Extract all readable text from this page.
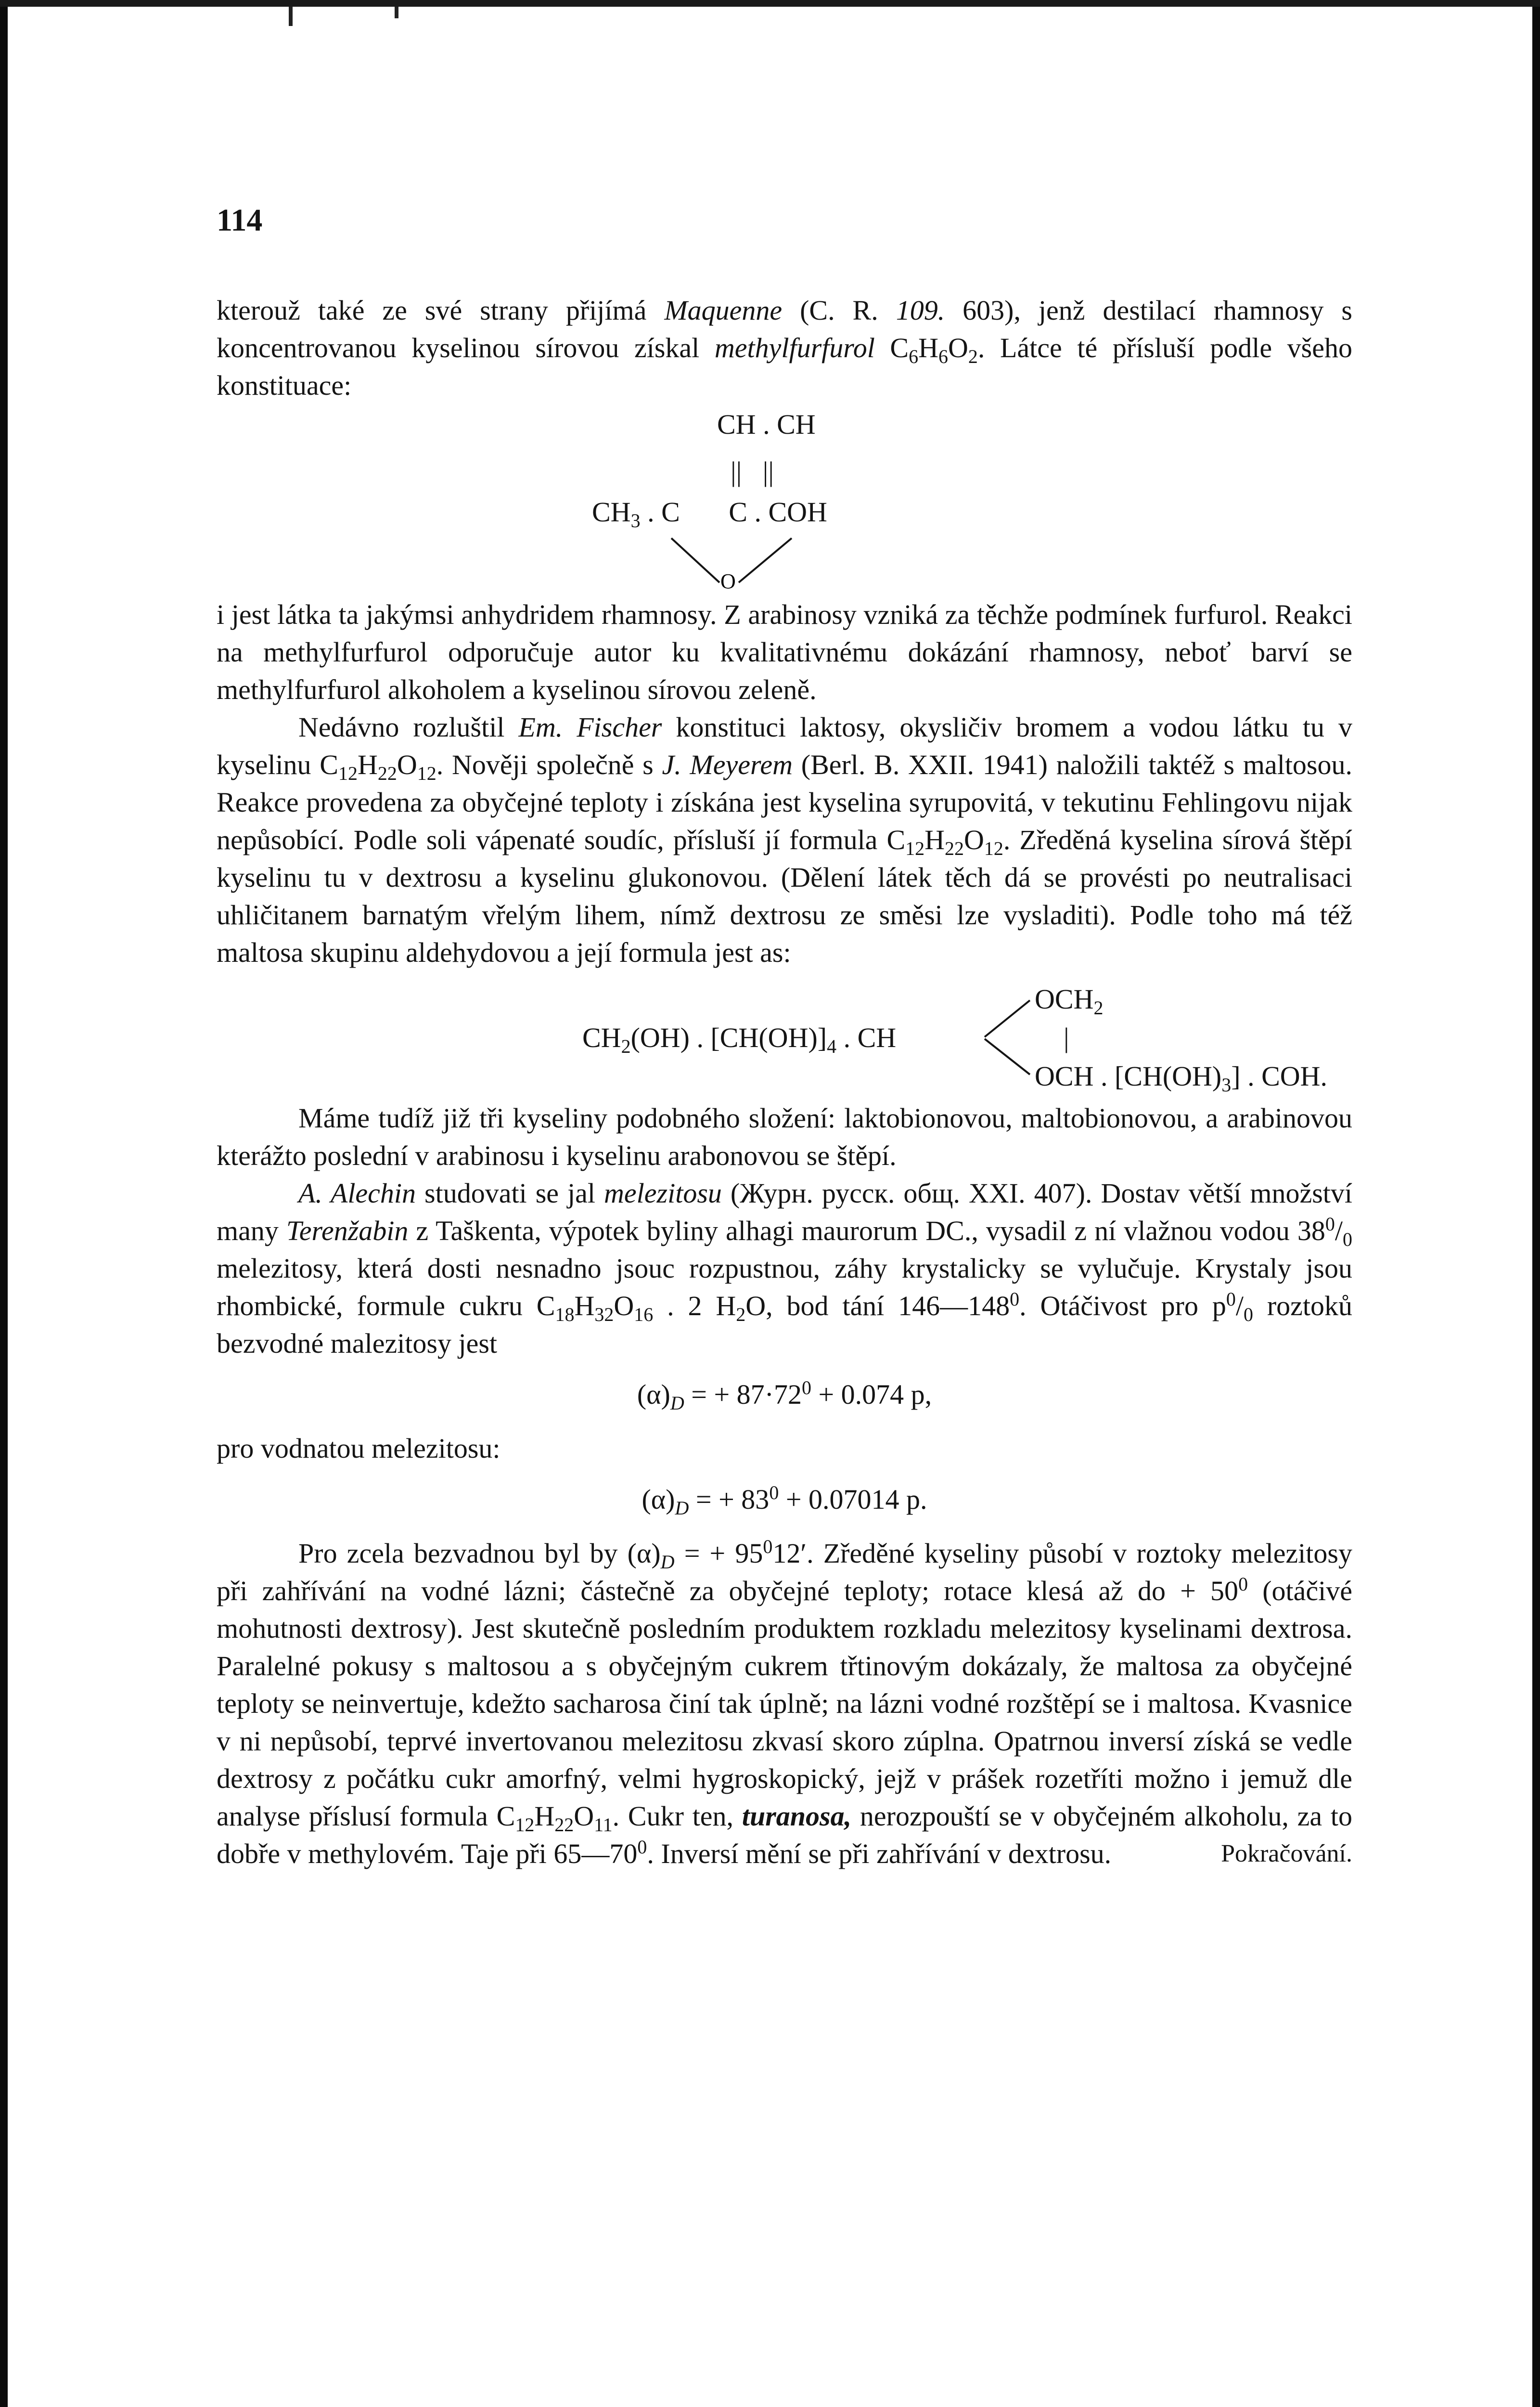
114

kterouž také ze své strany přijímá Maquenne (C. R. 109. 603), jenž destilací rhamnosy s koncentrovanou kyselinou sírovou získal methylfurfurol $C_6H_6O_2$. Látce té přísluší podle všeho konstituace:

CH . CH
||   ||
$CH_3$ . C       C . COH
O

i jest látka ta jakýmsi anhydridem rhamnosy. Z arabinosy vzniká za těchže podmínek furfurol. Reakci na methylfurfurol odporučuje autor ku kvalitativnému dokázání rhamnosy, neboť barví se methylfurfurol alkoholem a kyselinou sírovou zeleně.

Nedávno rozluštil Em. Fischer konstituci laktosy, okysličiv bromem a vodou látku tu v kyselinu $C_{12}H_{22}O_{12}$. Nověji společně s J. Meyerem (Berl. B. XXII. 1941) naložili taktéž s maltosou. Reakce provedena za obyčejné teploty i získána jest kyselina syrupovitá, v tekutinu Fehlingovu nijak nepůsobící. Podle soli vápenaté soudíc, přísluší jí formula $C_{12}H_{22}O_{12}$. Zředěná kyselina sírová štěpí kyselinu tu v dextrosu a kyselinu glukonovou. (Dělení látek těch dá se provésti po neutralisaci uhličitanem barnatým vřelým lihem, nímž dextrosu ze směsi lze vysladiti). Podle toho má též maltosa skupinu aldehydovou a její formula jest as:

$OCH_2$
$CH_2(OH)$ . $[CH(OH)]_4$ . CH	|
OCH . $[CH(OH)_3]$ . COH.

Máme tudíž již tři kyseliny podobného složení: laktobionovou, maltobionovou, a arabinovou kterážto poslední v arabinosu i kyselinu arabonovou se štěpí.

A. Alechin studovati se jal melezitosu (Журн. русск. общ. XXI. 407). Dostav větší množství many Terenžabin z Taškenta, výpotek byliny alhagi maurorum DC., vysadil z ní vlažnou vodou $38^0/_0$ melezitosy, která dosti nesnadno jsouc rozpustnou, záhy krystalicky se vylučuje. Krystaly jsou rhombické, formule cukru $C_{18}H_{32}O_{16}$ . 2 $H_2O$, bod tání $146—148^0$. Otáčivost pro $p^0/_0$ roztoků bezvodné malezitosy jest

$(\alpha)_D$ = + $87\cdot 72^0 + 0.074$ p,

pro vodnatou melezitosu:

$(\alpha)_D$ = + $83^0 + 0.07014$ p.

Pro zcela bezvadnou byl by $(\alpha)_D$ = + $95^012'$. Zředěné kyseliny působí v roztoky melezitosy při zahřívání na vodné lázni; částečně za obyčejné teploty; rotace klesá až do + $50^0$ (otáčivé mohutnosti dextrosy). Jest skutečně posledním produktem rozkladu melezitosy kyselinami dextrosa. Paralelné pokusy s maltosou a s obyčejným cukrem třtinovým dokázaly, že maltosa za obyčejné teploty se neinvertuje, kdežto sacharosa činí tak úplně; na lázni vodné rozštěpí se i maltosa. Kvasnice v ni nepůsobí, teprvé invertovanou melezitosu zkvasí skoro zúplna. Opatrnou inversí získá se vedle dextrosy z počátku cukr amorfný, velmi hygroskopický, jejž v prášek rozetříti možno i jemuž dle analyse příslusí formula $C_{12}H_{22}O_{11}$. Cukr ten, turanosa, nerozpouští se v obyčejném alkoholu, za to dobře v methylovém. Taje při $65—70^0$. Inversí mění se při zahřívání v dextrosu.	Pokračování.
